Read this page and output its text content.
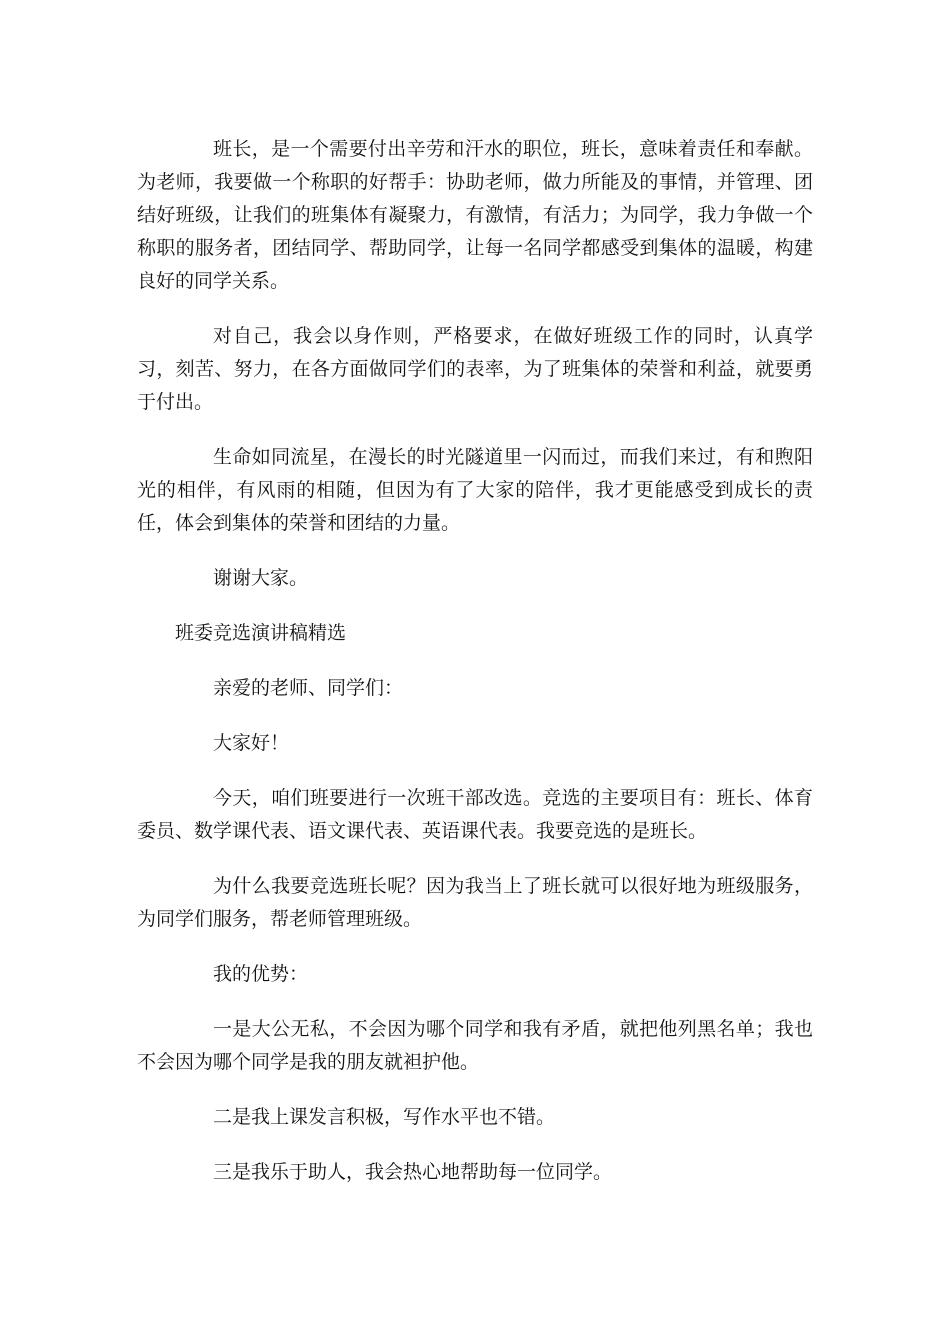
班长，是一个需要付出辛劳和汗水的职位，班长，意味着责任和奉献。为老师，我要做一个称职的好帮手：协助老师，做力所能及的事情，并管理、团结好班级，让我们的班集体有凝聚力，有激情，有活力；为同学，我力争做一个称职的服务者，团结同学、帮助同学，让每一名同学都感受到集体的温暖，构建良好的同学关系。

对自己，我会以身作则，严格要求，在做好班级工作的同时，认真学习，刻苦、努力，在各方面做同学们的表率，为了班集体的荣誉和利益，就要勇于付出。

生命如同流星，在漫长的时光隧道里一闪而过，而我们来过，有和煦阳光的相伴，有风雨的相随，但因为有了大家的陪伴，我才更能感受到成长的责任，体会到集体的荣誉和团结的力量。

谢谢大家。

班委竞选演讲稿精选

亲爱的老师、同学们：

大家好！

今天，咱们班要进行一次班干部改选。竞选的主要项目有：班长、体育委员、数学课代表、语文课代表、英语课代表。我要竞选的是班长。

为什么我要竞选班长呢？因为我当上了班长就可以很好地为班级服务，为同学们服务，帮老师管理班级。

我的优势：

一是大公无私，不会因为哪个同学和我有矛盾，就把他列黑名单；我也不会因为哪个同学是我的朋友就袒护他。

二是我上课发言积极，写作水平也不错。

三是我乐于助人，我会热心地帮助每一位同学。
